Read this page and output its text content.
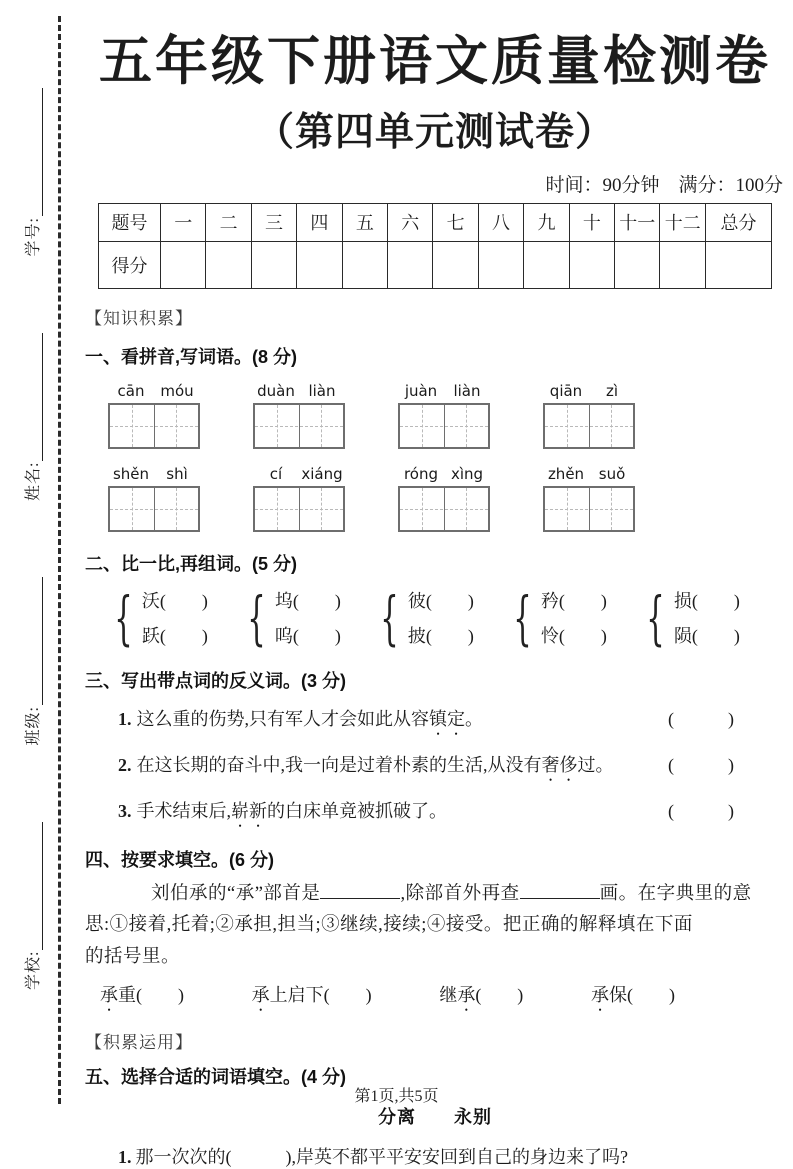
学校:
班级:
姓名:
学号:
五年级下册语文质量检测卷
（第四单元测试卷）
时间：90分钟　满分：100分
题号	一	二	三	四	五	六	七	八	九	十	十一	十二	总分
得分													
【知识积累】
一、看拼音,写词语。(8 分)
cān	móu	duàn liàn	juàn	liàn	qiān	zì
shěn	shì	cí	xiáng	róng xìng	zhěn suǒ
二、比一比,再组词。(5 分)
{
沃(　　)
跃(　　)
{
坞(　　)
呜(　　)
{
彼(　　)
披(　　)
{
矜(　　)
怜(　　)
{
损(　　)
陨(　　)
三、写出带点词的反义词。(3 分)
1. 这么重的伤势,只有军人才会如此从容镇定。	(　　　)
2. 在这长期的奋斗中,我一向是过着朴素的生活,从没有奢侈过。	(　　　)
3. 手术结束后,崭新的白床单竟被抓破了。	(　　　)
四、按要求填空。(6 分)
刘伯承的“承”部首是	,除部首外再查	画。在字典里的意
思:①接着,托着;②承担,担当;③继续,接续;④接受。把正确的解释填在下面
的括号里。
承重(　　)	承上启下(　　)	继承(　　)	承保(　　)
【积累运用】
五、选择合适的词语填空。(4 分)
分离　　永别
1. 那一次次的(　　　),岸英不都平平安安回到自己的身边来了吗?
第1页,共5页
